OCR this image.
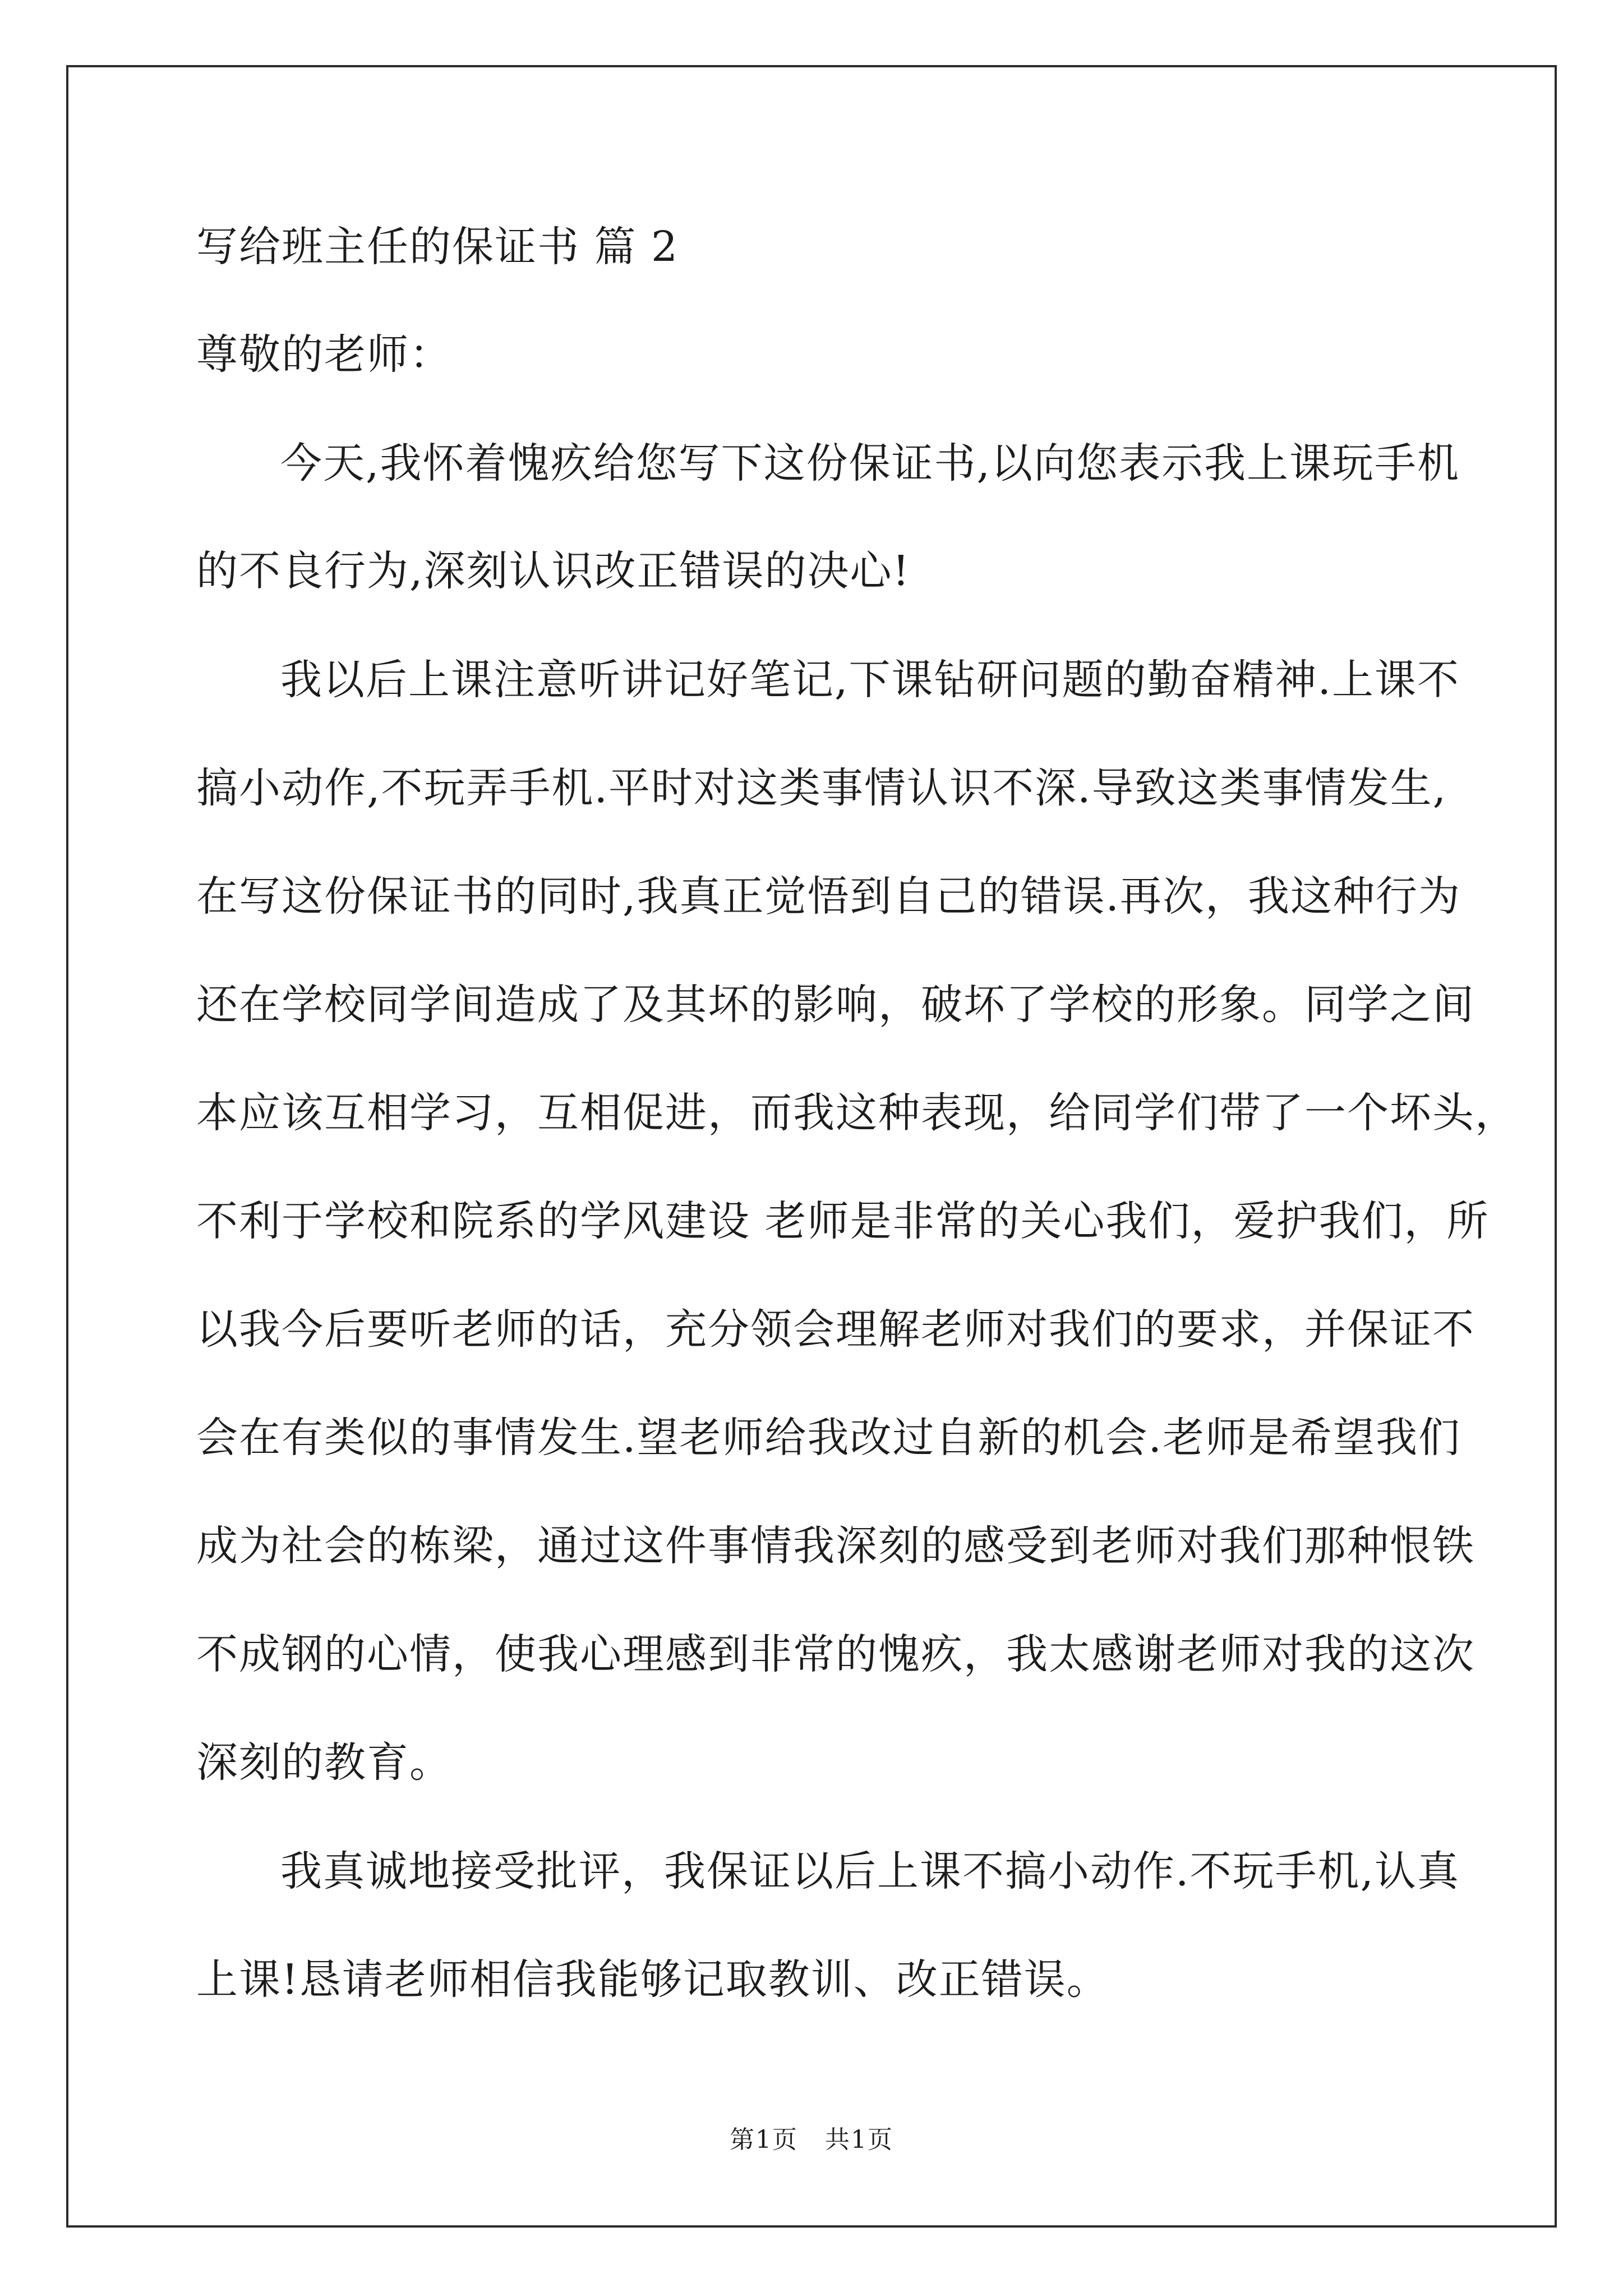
写给班主任的保证书 篇 2
尊敬的老师：
今天,我怀着愧疚给您写下这份保证书,以向您表示我上课玩手机
的不良行为,深刻认识改正错误的决心!
我以后上课注意听讲记好笔记,下课钻研问题的勤奋精神.上课不
搞小动作,不玩弄手机.平时对这类事情认识不深.导致这类事情发生,
在写这份保证书的同时,我真正觉悟到自己的错误.再次，我这种行为
还在学校同学间造成了及其坏的影响，破坏了学校的形象。同学之间
本应该互相学习，互相促进，而我这种表现，给同学们带了一个坏头，
不利于学校和院系的学风建设 老师是非常的关心我们，爱护我们，所
以我今后要听老师的话，充分领会理解老师对我们的要求，并保证不
会在有类似的事情发生.望老师给我改过自新的机会.老师是希望我们
成为社会的栋梁，通过这件事情我深刻的感受到老师对我们那种恨铁
不成钢的心情，使我心理感到非常的愧疚，我太感谢老师对我的这次
深刻的教育。
我真诚地接受批评，我保证以后上课不搞小动作.不玩手机,认真
上课!恳请老师相信我能够记取教训、改正错误。
第1页 共1页
